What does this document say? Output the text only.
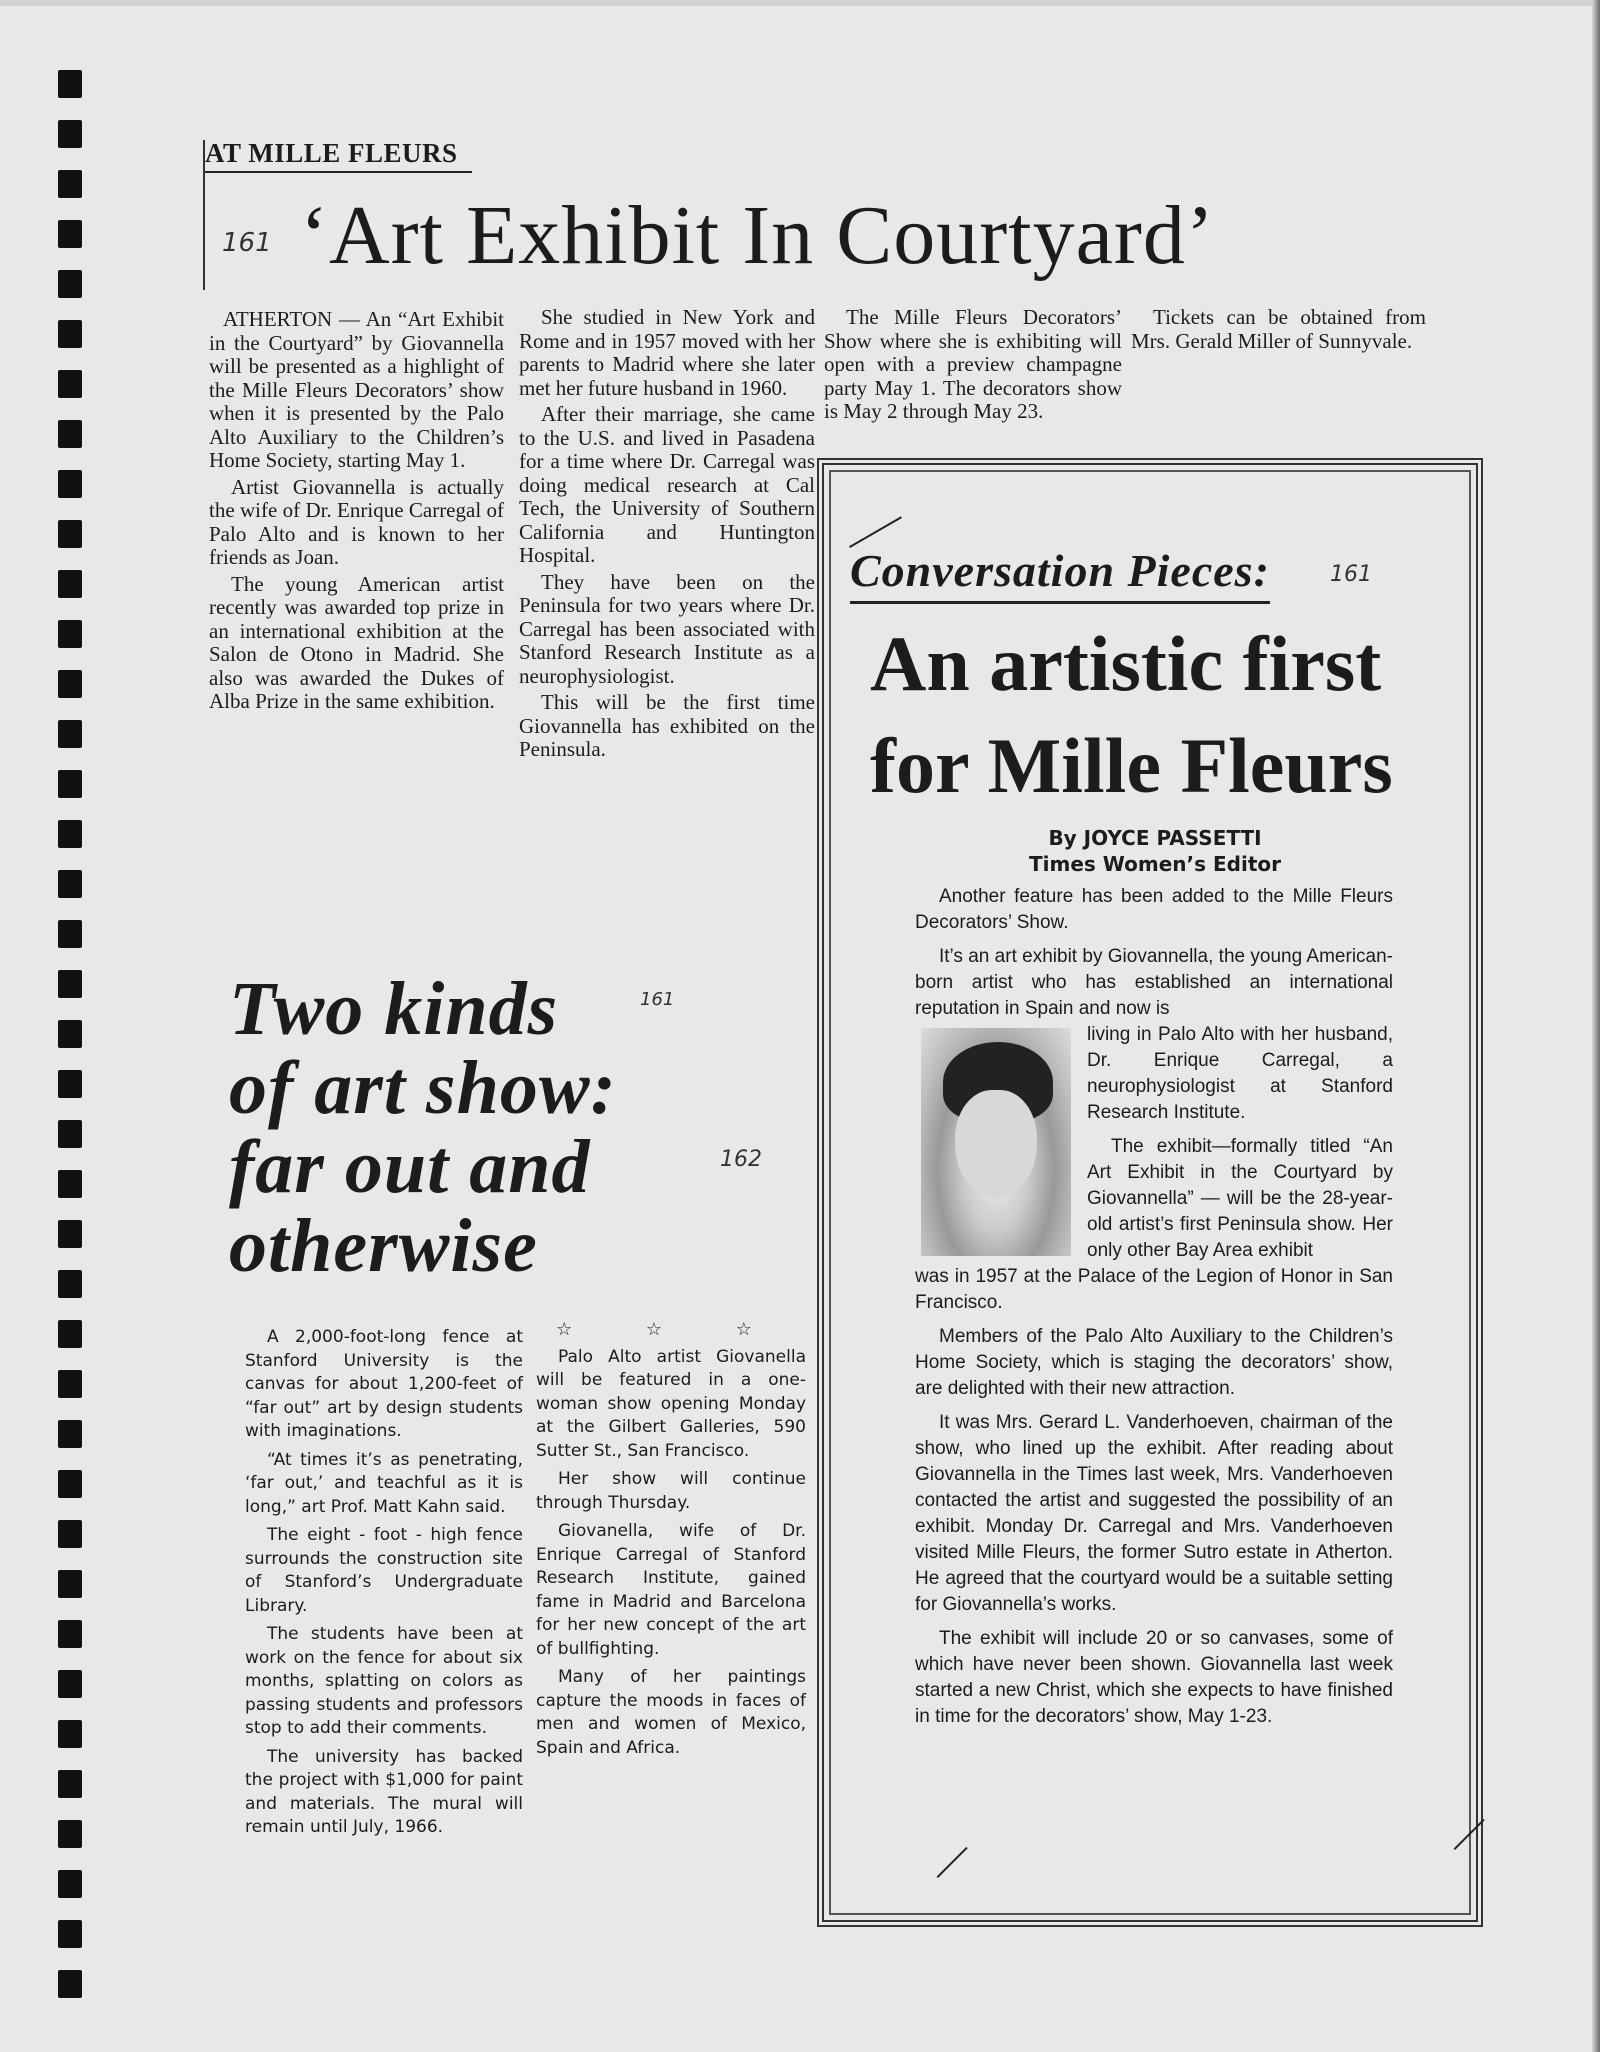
AT MILLE FLEURS
161 ‘Art Exhibit In Courtyard’

ATHERTON — An “Art Exhibit in the Courtyard” by Giovannella will be presented as a highlight of the Mille Fleurs Decorators’ show when it is presented by the Palo Alto Auxiliary to the Children’s Home Society, starting May 1.

Artist Giovannella is actually the wife of Dr. Enrique Carregal of Palo Alto and is known to her friends as Joan.

The young American artist recently was awarded top prize in an international exhibition at the Salon de Otono in Madrid. She also was awarded the Dukes of Alba Prize in the same exhibition.

She studied in New York and Rome and in 1957 moved with her parents to Madrid where she later met her future husband in 1960.

After their marriage, she came to the U.S. and lived in Pasadena for a time where Dr. Carregal was doing medical research at Cal Tech, the University of Southern California and Huntington Hospital.

They have been on the Peninsula for two years where Dr. Carregal has been associated with Stanford Research Institute as a neurophysiologist.

This will be the first time Giovannella has exhibited on the Peninsula.

The Mille Fleurs Decorators’ Show where she is exhibiting will open with a preview champagne party May 1. The decorators show is May 2 through May 23.

Tickets can be obtained from Mrs. Gerald Miller of Sunnyvale.

Conversation Pieces:	161
An artistic first
for Mille Fleurs
By JOYCE PASSETTI
Times Women’s Editor

Another feature has been added to the Mille Fleurs Decorators’ Show.

It’s an art exhibit by Giovannella, the young American-born artist who has established an international reputation in Spain and now is

living in Palo Alto with her husband, Dr. Enrique Carregal, a neurophysiologist at Stanford Research Institute.

The exhibit—formally titled “An Art Exhibit in the Courtyard by Giovannella” — will be the 28-year-old artist’s first Peninsula show. Her only other Bay Area exhibit

was in 1957 at the Palace of the Legion of Honor in San Francisco.

Members of the Palo Alto Auxiliary to the Children’s Home Society, which is staging the decorators’ show, are delighted with their new attraction.

It was Mrs. Gerard L. Vanderhoeven, chairman of the show, who lined up the exhibit. After reading about Giovannella in the Times last week, Mrs. Vanderhoeven contacted the artist and suggested the possibility of an exhibit. Monday Dr. Carregal and Mrs. Vanderhoeven visited Mille Fleurs, the former Sutro estate in Atherton. He agreed that the courtyard would be a suitable setting for Giovannella’s works.

The exhibit will include 20 or so canvases, some of which have never been shown. Giovannella last week started a new Christ, which she expects to have finished in time for the decorators’ show, May 1-23.

Two kinds
of art show:
far out and
otherwise
161
162

A 2,000-foot-long fence at Stanford University is the canvas for about 1,200-feet of “far out” art by design students with imaginations.

“At times it’s as penetrating, ‘far out,’ and teachful as it is long,” art Prof. Matt Kahn said.

The eight - foot - high fence surrounds the construction site of Stanford’s Undergraduate Library.

The students have been at work on the fence for about six months, splatting on colors as passing students and professors stop to add their comments.

The university has backed the project with $1,000 for paint and materials. The mural will remain until July, 1966.

☆ ☆ ☆

Palo Alto artist Giovanella will be featured in a one-woman show opening Monday at the Gilbert Galleries, 590 Sutter St., San Francisco.

Her show will continue through Thursday.

Giovanella, wife of Dr. Enrique Carregal of Stanford Research Institute, gained fame in Madrid and Barcelona for her new concept of the art of bullfighting.

Many of her paintings capture the moods in faces of men and women of Mexico, Spain and Africa.
